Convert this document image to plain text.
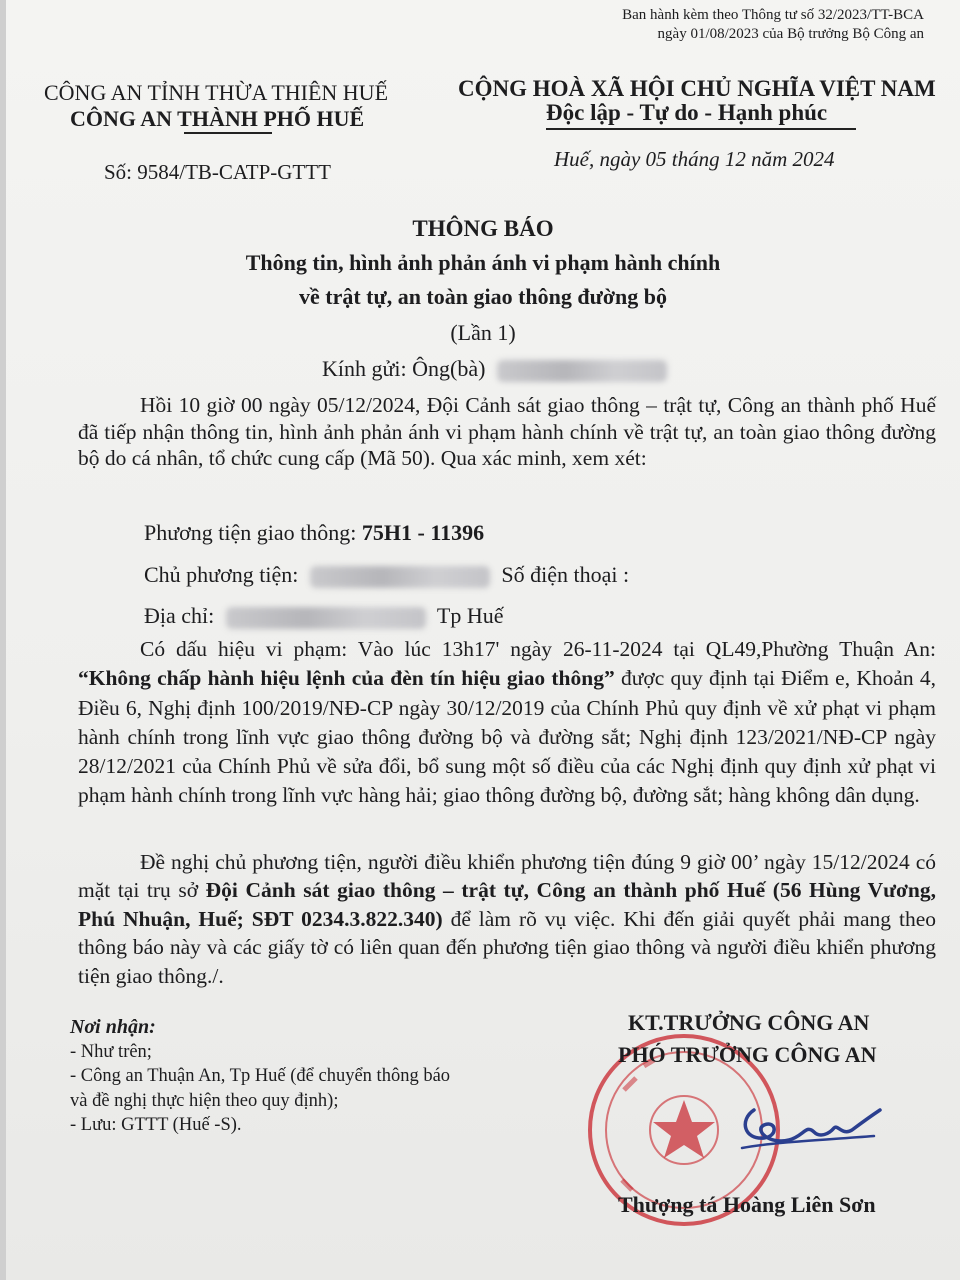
Ban hành kèm theo Thông tư số 32/2023/TT-BCA
ngày 01/08/2023 của Bộ trưởng Bộ Công an
CÔNG AN TỈNH THỪA THIÊN HUẾ
CÔNG AN THÀNH PHỐ HUẾ
CỘNG HOÀ XÃ HỘI CHỦ NGHĨA VIỆT NAM
Độc lập - Tự do - Hạnh phúc
Số: 9584/TB-CATP-GTTT
Huế, ngày 05 tháng 12 năm 2024
THÔNG BÁO
Thông tin, hình ảnh phản ánh vi phạm hành chính
về trật tự, an toàn giao thông đường bộ
(Lần 1)
Kính gửi: Ông(bà)
Hồi 10 giờ 00 ngày 05/12/2024, Đội Cảnh sát giao thông – trật tự, Công an thành phố Huế đã tiếp nhận thông tin, hình ảnh phản ánh vi phạm hành chính về trật tự, an toàn giao thông đường bộ do cá nhân, tổ chức cung cấp (Mã 50). Qua xác minh, xem xét:
Phương tiện giao thông: 75H1 - 11396
Chủ phương tiện:	Số điện thoại :
Địa chỉ:	Tp Huế
Có dấu hiệu vi phạm: Vào lúc 13h17' ngày 26-11-2024 tại QL49,Phường Thuận An: “Không chấp hành hiệu lệnh của đèn tín hiệu giao thông” được quy định tại Điểm e, Khoản 4, Điều 6, Nghị định 100/2019/NĐ-CP ngày 30/12/2019 của Chính Phủ quy định về xử phạt vi phạm hành chính trong lĩnh vực giao thông đường bộ và đường sắt; Nghị định 123/2021/NĐ-CP ngày 28/12/2021 của Chính Phủ về sửa đổi, bổ sung một số điều của các Nghị định quy định xử phạt vi phạm hành chính trong lĩnh vực hàng hải; giao thông đường bộ, đường sắt; hàng không dân dụng.
Đề nghị chủ phương tiện, người điều khiển phương tiện đúng 9 giờ 00’ ngày 15/12/2024 có mặt tại trụ sở Đội Cảnh sát giao thông – trật tự, Công an thành phố Huế (56 Hùng Vương, Phú Nhuận, Huế; SĐT 0234.3.822.340) để làm rõ vụ việc. Khi đến giải quyết phải mang theo thông báo này và các giấy tờ có liên quan đến phương tiện giao thông và người điều khiển phương tiện giao thông./.
Nơi nhận:
- Như trên;
- Công an Thuận An, Tp Huế (để chuyển thông báo
và đề nghị thực hiện theo quy định);
- Lưu: GTTT (Huế -S).
KT.TRƯỞNG CÔNG AN
PHÓ TRƯỞNG CÔNG AN
Thượng tá Hoàng Liên Sơn
